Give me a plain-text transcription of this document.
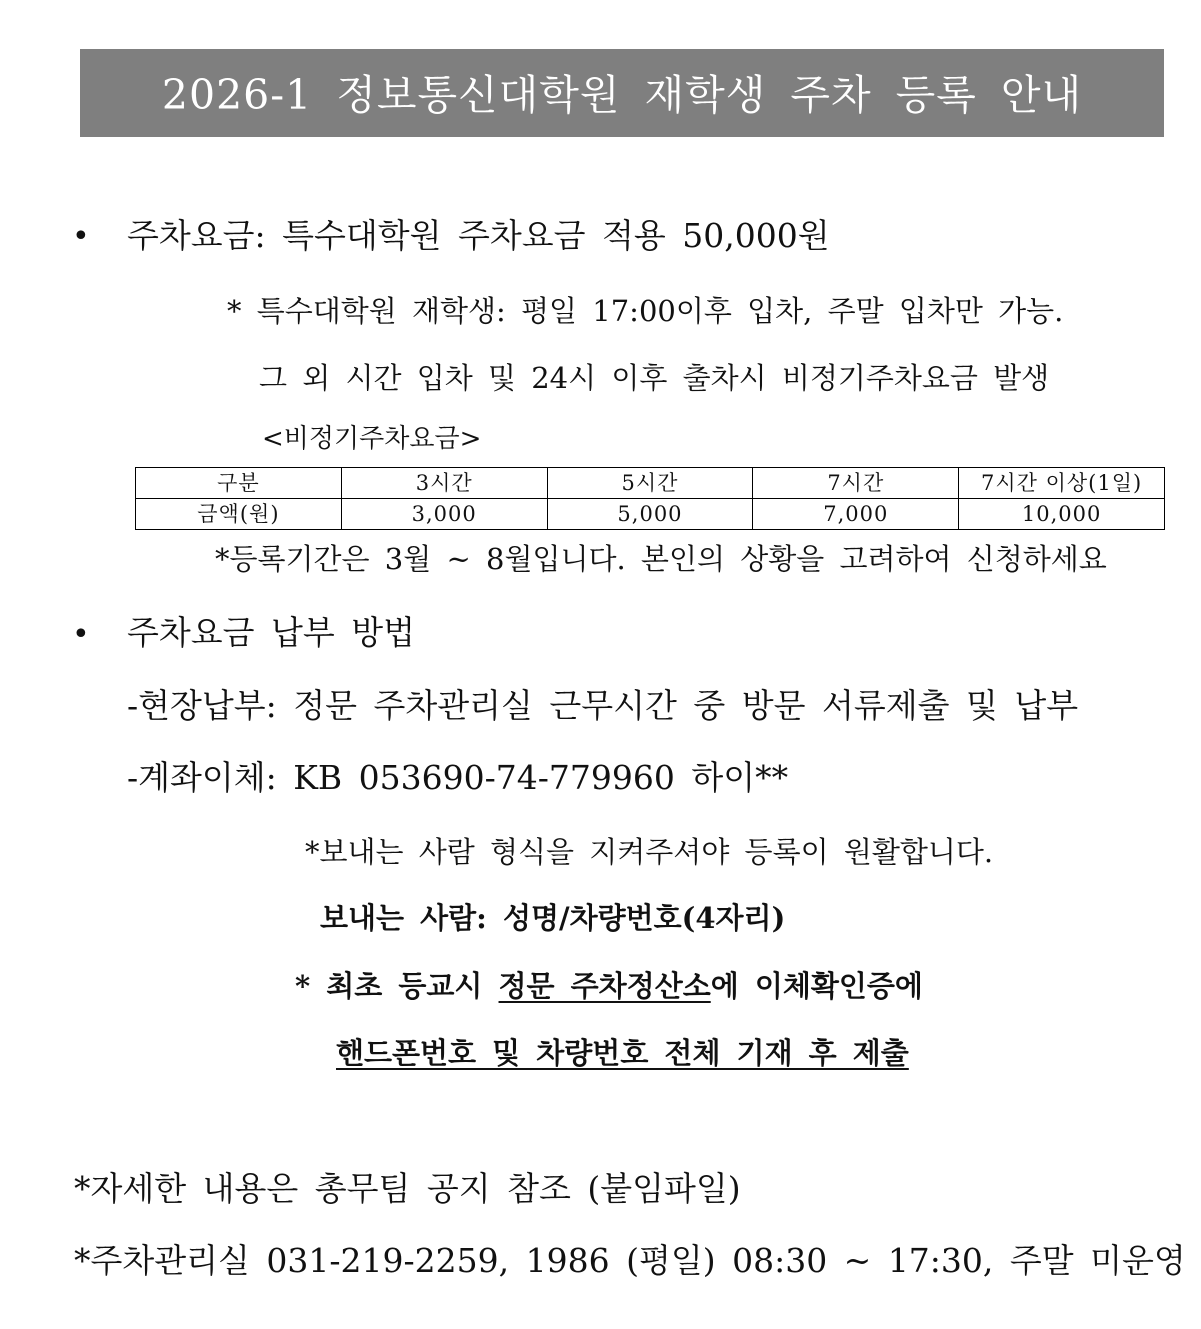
2026-1 정보통신대학원 재학생 주차 등록 안내
• 주차요금: 특수대학원 주차요금 적용 50,000원
* 특수대학원 재학생: 평일 17:00이후 입차, 주말 입차만 가능.
그 외 시간 입차 및 24시 이후 출차시 비정기주차요금 발생
<비정기주차요금>
구분	3시간	5시간	7시간	7시간 이상(1일)
금액(원)	3,000	5,000	7,000	10,000
*등록기간은 3월 ~ 8월입니다. 본인의 상황을 고려하여 신청하세요
• 주차요금 납부 방법
-현장납부: 정문 주차관리실 근무시간 중 방문 서류제출 및 납부
-계좌이체: KB 053690-74-779960 하이**
*보내는 사람 형식을 지켜주셔야 등록이 원활합니다.
보내는 사람: 성명/차량번호(4자리)
* 최초 등교시 정문 주차정산소에 이체확인증에
핸드폰번호 및 차량번호 전체 기재 후 제출
*자세한 내용은 총무팀 공지 참조 (붙임파일)
*주차관리실 031-219-2259, 1986 (평일) 08:30 ~ 17:30, 주말 미운영
